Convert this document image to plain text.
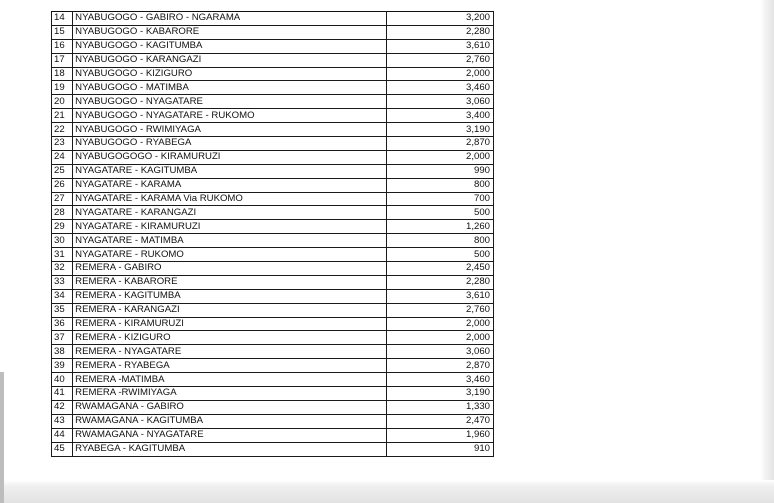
14	NYABUGOGO - GABIRO - NGARAMA	3,200
15	NYABUGOGO - KABARORE	2,280
16	NYABUGOGO - KAGITUMBA	3,610
17	NYABUGOGO - KARANGAZI	2,760
18	NYABUGOGO - KIZIGURO	2,000
19	NYABUGOGO - MATIMBA	3,460
20	NYABUGOGO - NYAGATARE	3,060
21	NYABUGOGO - NYAGATARE - RUKOMO	3,400
22	NYABUGOGO - RWIMIYAGA	3,190
23	NYABUGOGO - RYABEGA	2,870
24	NYABUGOGOGO - KIRAMURUZI	2,000
25	NYAGATARE - KAGITUMBA	990
26	NYAGATARE - KARAMA	800
27	NYAGATARE - KARAMA Via RUKOMO	700
28	NYAGATARE - KARANGAZI	500
29	NYAGATARE - KIRAMURUZI	1,260
30	NYAGATARE - MATIMBA	800
31	NYAGATARE - RUKOMO	500
32	REMERA - GABIRO	2,450
33	REMERA - KABARORE	2,280
34	REMERA - KAGITUMBA	3,610
35	REMERA - KARANGAZI	2,760
36	REMERA - KIRAMURUZI	2,000
37	REMERA - KIZIGURO	2,000
38	REMERA - NYAGATARE	3,060
39	REMERA - RYABEGA	2,870
40	REMERA -MATIMBA	3,460
41	REMERA -RWIMIYAGA	3,190
42	RWAMAGANA - GABIRO	1,330
43	RWAMAGANA - KAGITUMBA	2,470
44	RWAMAGANA - NYAGATARE	1,960
45	RYABEGA - KAGITUMBA	910
